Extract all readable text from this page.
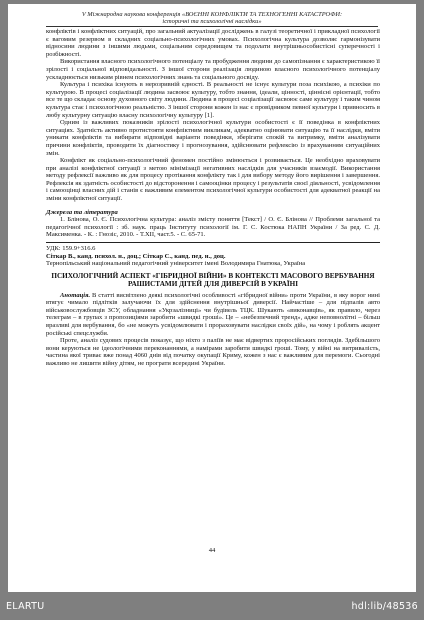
V Міжнародна наукова конференція «ВОЄННІ КОНФЛІКТИ ТА ТЕХНОГЕННІ КАТАСТРОФИ:
історичні та психологічні наслідки»

конфліктів і конфліктних ситуацій, про загальний актуалізації досліджень в галузі теоретичної і прикладної психології є вагомим резервом в складних соціально-психологічних умовах. Психологічна культура дозволяє гармонізувати відносини людини з іншими людьми, соціальним середовищем та подолати внутрішньособистісні суперечності і розбіжності.

Використання власного психологічного потенціалу та пробудження людини до самопізнання є характеристикою її зрілості і соціальної відповідальності. З іншої сторони реалізація людиною власного психологічного потенціалу ускладнюється низьким рівнем психологічних знань та соціального досвіду.

Культура і психіка існують в нерозривній єдності. В реальності не існує культури поза психікою, а психіки по культурою. В процесі соціалізації людина засвоює культуру, тобто знання, ідеали, цінності, ціннісні орієнтації, тобто все те що складає основу духовного світу людини. Людина в процесі соціалізації засвоює саме культуру і таким чином культура стає і психологічною реальністю. З іншої сторони кожен із нас є провідником певної культури і привносить в любу культурну ситуацію власну психологічну культуру [1].

Одним із важливих показників зрілості психологічної культури особистості є її поведінка в конфліктних ситуаціях. Здатність активно протистояти конфліктним викликам, адекватно оцінювати ситуацію та її наслідки, вміти уникати конфліктів та вибирати відповідні варіанти поведінки, зберігати спокій та витримку, вміти аналізувати причини конфліктів, проводити їх діагностику і прогнозування, здійснювати рефлексію із врахуванням ситуаційних змін.

Конфлікт як соціально-психологічний феномен постійно змінюється і розвивається. Це необхідно враховувати при аналізі конфліктної ситуації з метою мінімізації негативних наслідків для учасників взаємодії. Використання методу рефлексії важливо як для процесу протікання конфлікту так і для вибору методу його вирішення і завершення. Рефлексія як здатність особистості до відсторонення і самооцінки процесу і результатів своєї діяльності, усвідомлення і самооцінці власних дій і станів є важливим елементом психологічної культури особистості для адекватної реакції на зміни конфліктної ситуації.

Джерела та література

1. Блінова, О. Є. Психологічна культура: аналіз змісту поняття [Текст] / О. Є. Блінова // Проблеми загальної та педагогічної психології : зб. наук. праць Інституту психології ім. Г. С. Костюка НАПН України / За ред. С. Д. Максименка. - К. : Гнозіс, 2010. - Т.XII, част.5. - С. 65-71.

УДК: 159.9+316.6

Сіткар В., канд. психол. н., доц.; Сіткар С., канд. пед. н., доц.

Тернопільський національний педагогічний університет імені Володимира Гнатюка, Україна

ПСИХОЛОГІЧНИЙ АСПЕКТ «ГІБРИДНОЇ ВІЙНИ» В КОНТЕКСТІ МАСОВОГО ВЕРБУВАННЯ РАШИСТАМИ ДІТЕЙ ДЛЯ ДИВЕРСІЙ В УКРАЇНІ

Анотація. В статті висвітлено деякі психологічні особливості «гібридної війни» проти України, в яку ворог нині втягує чимало підлітків залучаючи їх для здійснення внутрішньої диверсії. Найчастіше – для підпалів авто військовослужбовців ЗСУ, обладнання «Укрзалізниці» чи будівель ТЦК. Шукають «виконавців», як правило, через телеграм – в групах з пропозиціями заробити «швидкі гроші». Це – «небезпечний тренд», адже неповнолітні – більш вразливі для вербування, бо «не можуть усвідомлювати і прораховувати наслідки своїх дій», на чому і роблять акцент російські спецслужби.

Проте, аналіз судових процесів показує, що ніхто з паліїв не має відвертих проросійських поглядів. Здебільшого вони керуються не ідеологічними переконаннями, а намірами заробити швидкі гроші. Тому, у війні на витривалість, частина якої триває вже понад 4060 днів від початку окупації Криму, кожен з нас є важливим для перемоги. Сьогодні важливо не лишити війну дітям, не програти всередині України.

44
ELARTU	hdl:lib/48536
